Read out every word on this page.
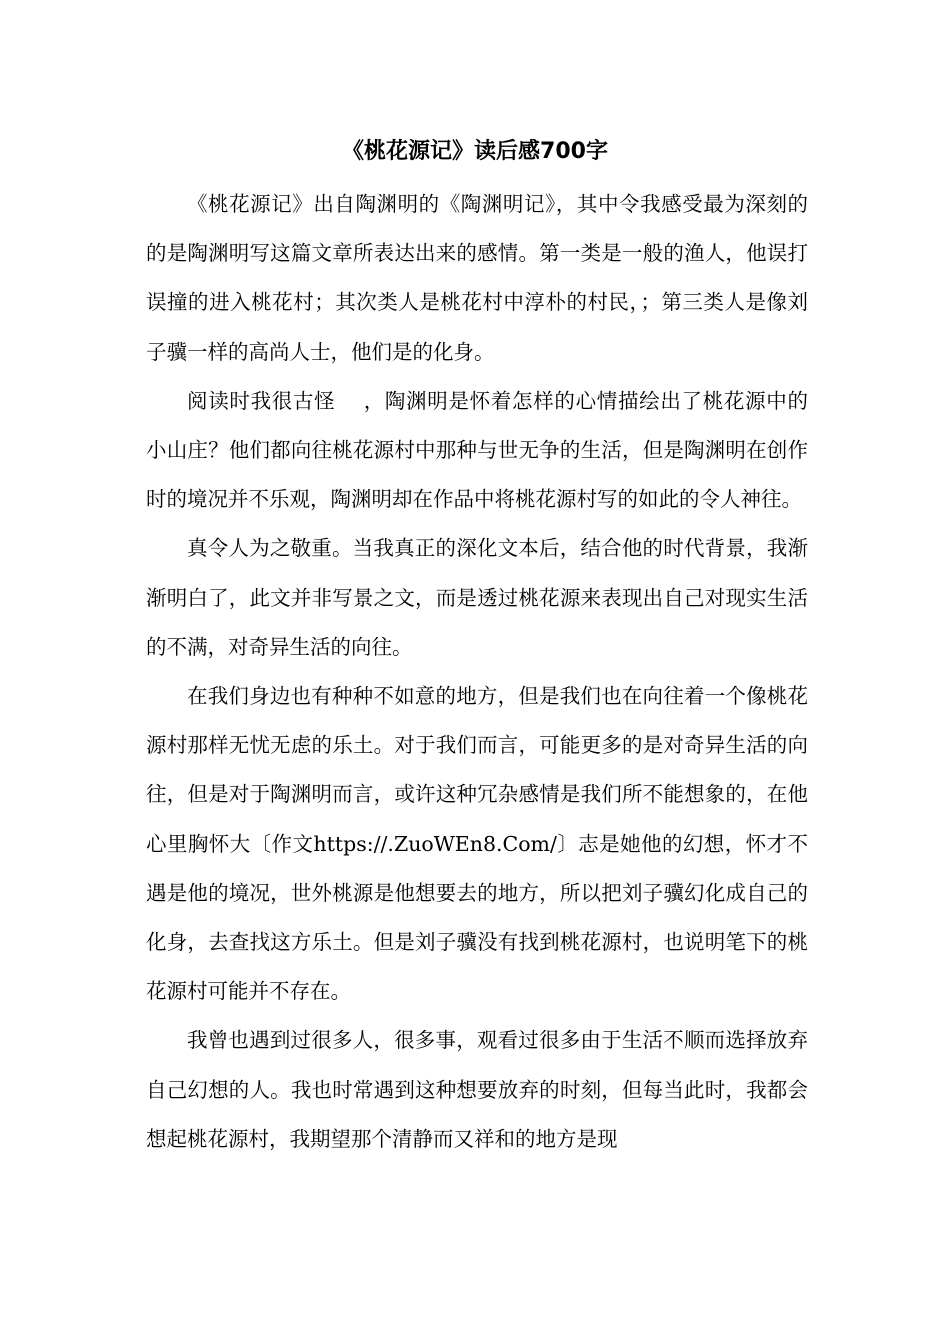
《桃花源记》读后感700字

《桃花源记》出自陶渊明的《陶渊明记》，其中令我感受最为深刻的的是陶渊明写这篇文章所表达出来的感情。第一类是一般的渔人，他误打误撞的进入桃花村；其次类人是桃花村中淳朴的村民，；第三类人是像刘子骥一样的高尚人士，他们是的化身。

阅读时我很古怪　 ，陶渊明是怀着怎样的心情描绘出了桃花源中的小山庄？他们都向往桃花源村中那种与世无争的生活，但是陶渊明在创作时的境况并不乐观，陶渊明却在作品中将桃花源村写的如此的令人神往。

真令人为之敬重。当我真正的深化文本后，结合他的时代背景，我渐渐明白了，此文并非写景之文，而是透过桃花源来表现出自己对现实生活的不满，对奇异生活的向往。

在我们身边也有种种不如意的地方，但是我们也在向往着一个像桃花源村那样无忧无虑的乐土。对于我们而言，可能更多的是对奇异生活的向往，但是对于陶渊明而言，或许这种冗杂感情是我们所不能想象的，在他心里胸怀大〔作文https://.ZuoWEn8.Com/〕志是她他的幻想，怀才不遇是他的境况，世外桃源是他想要去的地方，所以把刘子骥幻化成自己的化身，去查找这方乐土。但是刘子骥没有找到桃花源村，也说明笔下的桃花源村可能并不存在。

我曾也遇到过很多人，很多事，观看过很多由于生活不顺而选择放弃自己幻想的人。我也时常遇到这种想要放弃的时刻，但每当此时，我都会想起桃花源村，我期望那个清静而又祥和的地方是现
